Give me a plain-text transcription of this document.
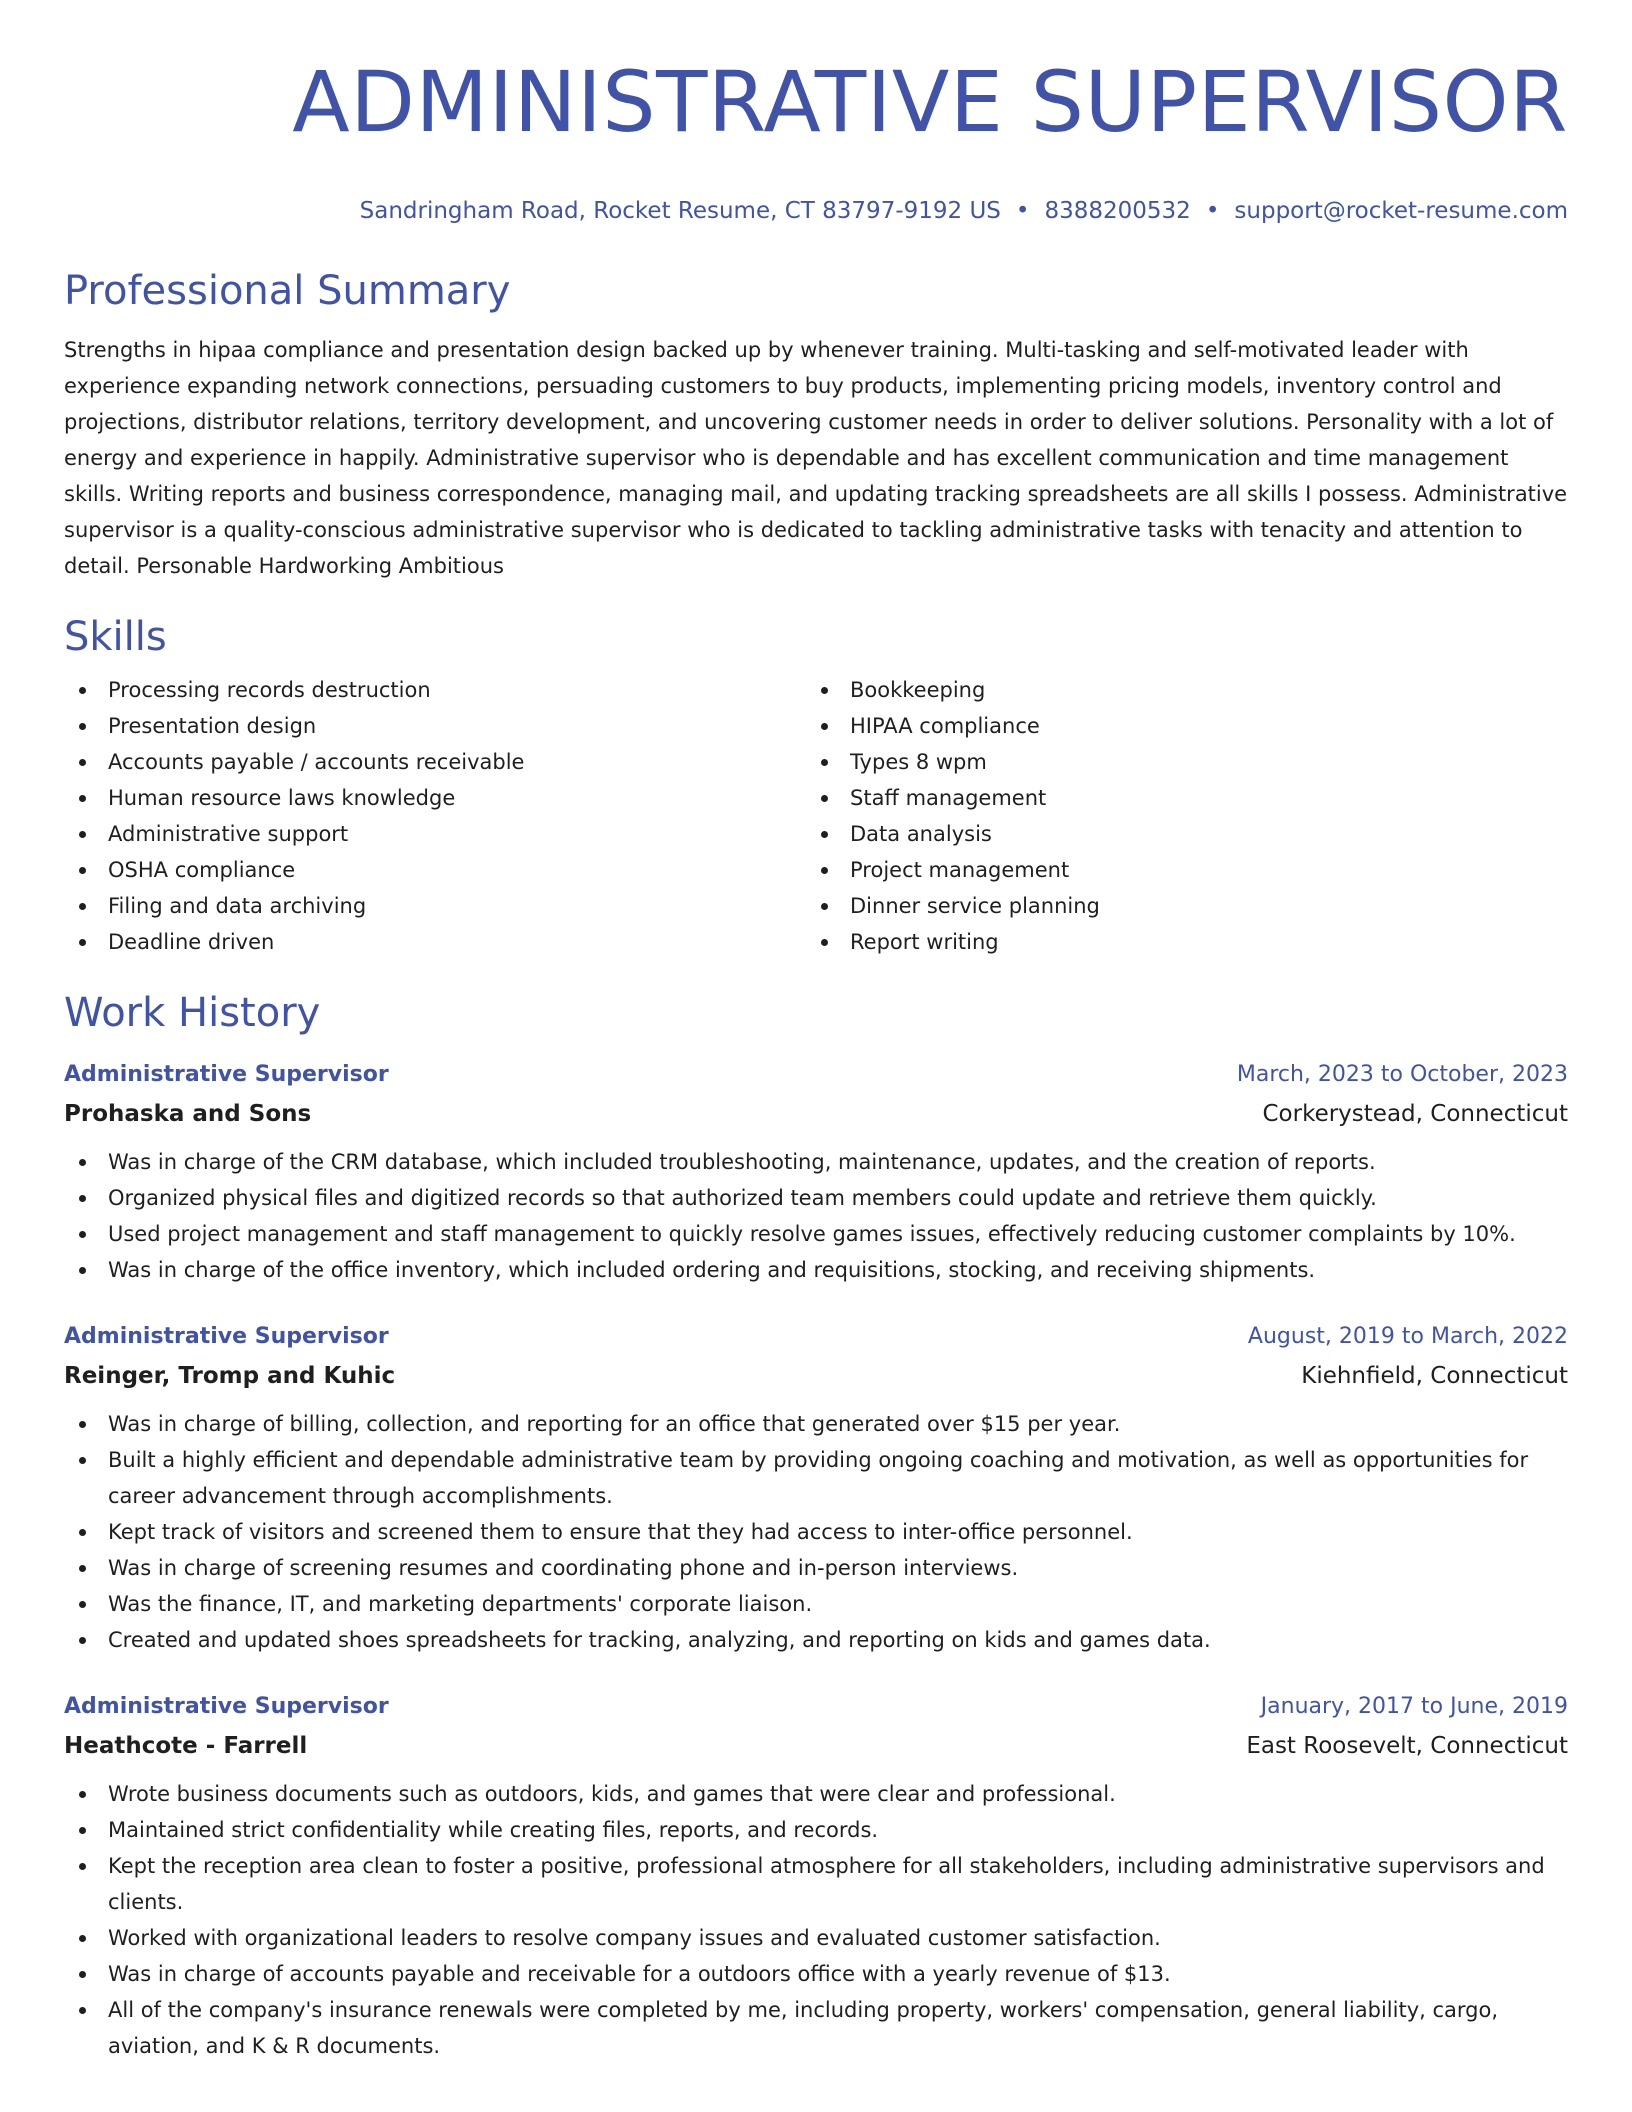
ADMINISTRATIVE SUPERVISOR
Sandringham Road, Rocket Resume, CT 83797-9192 US • 8388200532 • support@rocket-resume.com
Professional Summary

Strengths in hipaa compliance and presentation design backed up by whenever training. Multi-tasking and self-motivated leader with experience expanding network connections, persuading customers to buy products, implementing pricing models, inventory control and projections, distributor relations, territory development, and uncovering customer needs in order to deliver solutions. Personality with a lot of energy and experience in happily. Administrative supervisor who is dependable and has excellent communication and time management skills. Writing reports and business correspondence, managing mail, and updating tracking spreadsheets are all skills I possess. Administrative supervisor is a quality-conscious administrative supervisor who is dedicated to tackling administrative tasks with tenacity and attention to detail. Personable Hardworking Ambitious

Skills
Processing records destruction
Presentation design
Accounts payable / accounts receivable
Human resource laws knowledge
Administrative support
OSHA compliance
Filing and data archiving
Deadline driven
Bookkeeping
HIPAA compliance
Types 8 wpm
Staff management
Data analysis
Project management
Dinner service planning
Report writing
Work History
Administrative Supervisor	March, 2023 to October, 2023
Prohaska and Sons	Corkerystead, Connecticut
Was in charge of the CRM database, which included troubleshooting, maintenance, updates, and the creation of reports.
Organized physical files and digitized records so that authorized team members could update and retrieve them quickly.
Used project management and staff management to quickly resolve games issues, effectively reducing customer complaints by 10%.
Was in charge of the office inventory, which included ordering and requisitions, stocking, and receiving shipments.
Administrative Supervisor	August, 2019 to March, 2022
Reinger, Tromp and Kuhic	Kiehnfield, Connecticut
Was in charge of billing, collection, and reporting for an office that generated over $15 per year.
Built a highly efficient and dependable administrative team by providing ongoing coaching and motivation, as well as opportunities for career advancement through accomplishments.
Kept track of visitors and screened them to ensure that they had access to inter-office personnel.
Was in charge of screening resumes and coordinating phone and in-person interviews.
Was the finance, IT, and marketing departments' corporate liaison.
Created and updated shoes spreadsheets for tracking, analyzing, and reporting on kids and games data.
Administrative Supervisor	January, 2017 to June, 2019
Heathcote - Farrell	East Roosevelt, Connecticut
Wrote business documents such as outdoors, kids, and games that were clear and professional.
Maintained strict confidentiality while creating files, reports, and records.
Kept the reception area clean to foster a positive, professional atmosphere for all stakeholders, including administrative supervisors and clients.
Worked with organizational leaders to resolve company issues and evaluated customer satisfaction.
Was in charge of accounts payable and receivable for a outdoors office with a yearly revenue of $13.
All of the company's insurance renewals were completed by me, including property, workers' compensation, general liability, cargo, aviation, and K & R documents.
